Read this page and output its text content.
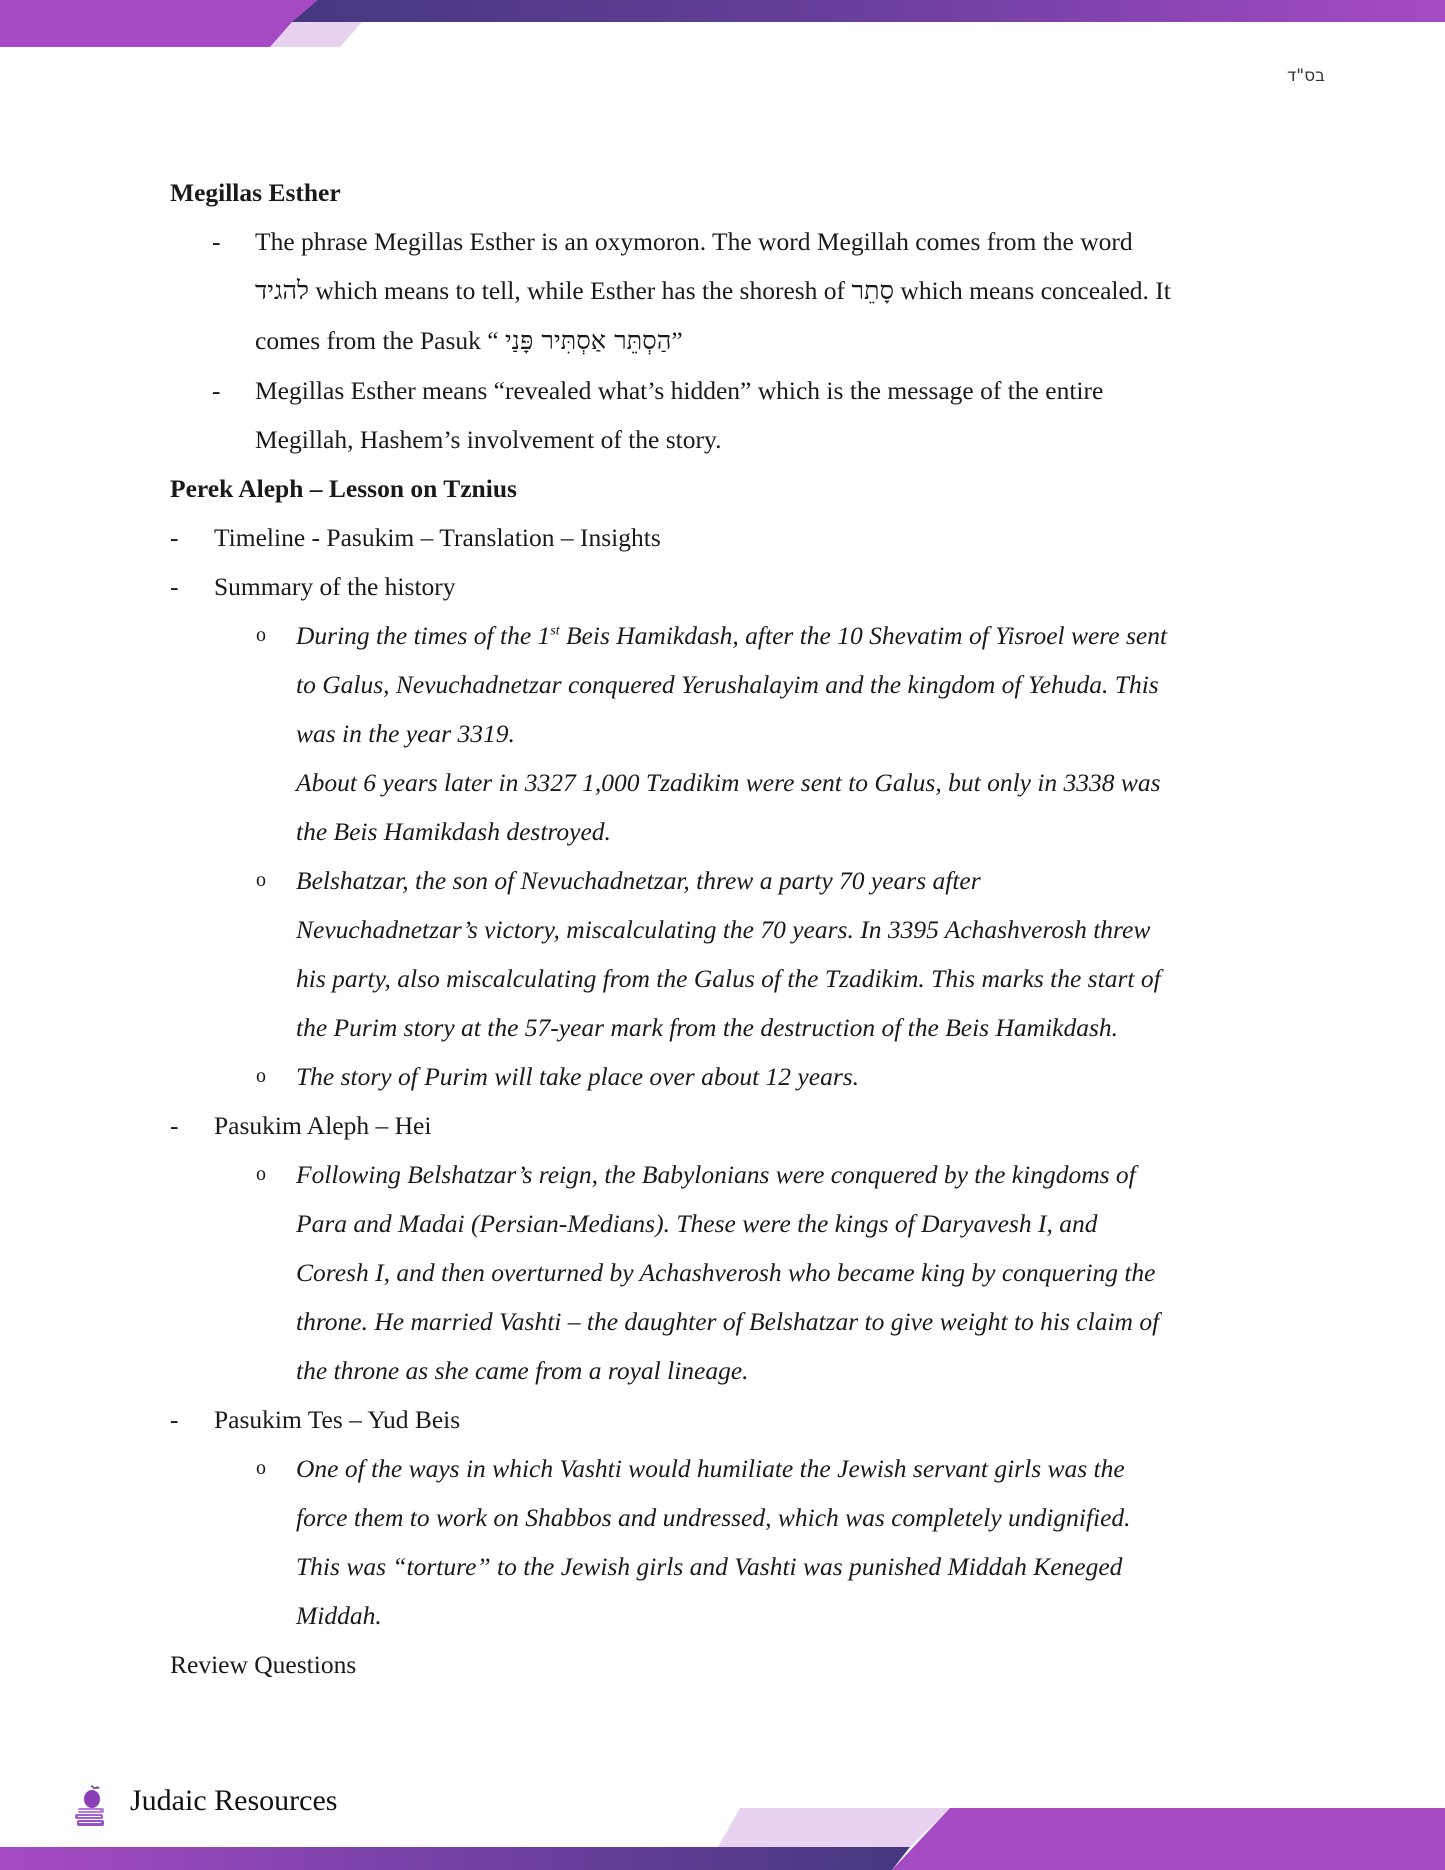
בס"ד
Megillas Esther
- The phrase Megillas Esther is an oxymoron. The word Megillah comes from the word
להגיד which means to tell, while Esther has the shoresh of סָתֵר which means concealed. It
comes from the Pasuk “ הַסְתֵּר אַסְתִּיר פָּנַי”
- Megillas Esther means “revealed what’s hidden” which is the message of the entire
Megillah, Hashem’s involvement of the story.
Perek Aleph – Lesson on Tznius
- Timeline - Pasukim – Translation – Insights
- Summary of the history
o During the times of the 1st Beis Hamikdash, after the 10 Shevatim of Yisroel were sent
to Galus, Nevuchadnetzar conquered Yerushalayim and the kingdom of Yehuda. This
was in the year 3319.
About 6 years later in 3327 1,000 Tzadikim were sent to Galus, but only in 3338 was
the Beis Hamikdash destroyed.
o Belshatzar, the son of Nevuchadnetzar, threw a party 70 years after
Nevuchadnetzar’s victory, miscalculating the 70 years. In 3395 Achashverosh threw
his party, also miscalculating from the Galus of the Tzadikim. This marks the start of
the Purim story at the 57-year mark from the destruction of the Beis Hamikdash.
o The story of Purim will take place over about 12 years.
- Pasukim Aleph – Hei
o Following Belshatzar’s reign, the Babylonians were conquered by the kingdoms of
Para and Madai (Persian-Medians). These were the kings of Daryavesh I, and
Coresh I, and then overturned by Achashverosh who became king by conquering the
throne. He married Vashti – the daughter of Belshatzar to give weight to his claim of
the throne as she came from a royal lineage.
- Pasukim Tes – Yud Beis
o One of the ways in which Vashti would humiliate the Jewish servant girls was the
force them to work on Shabbos and undressed, which was completely undignified.
This was “torture” to the Jewish girls and Vashti was punished Middah Keneged
Middah.
Review Questions
Judaic Resources
